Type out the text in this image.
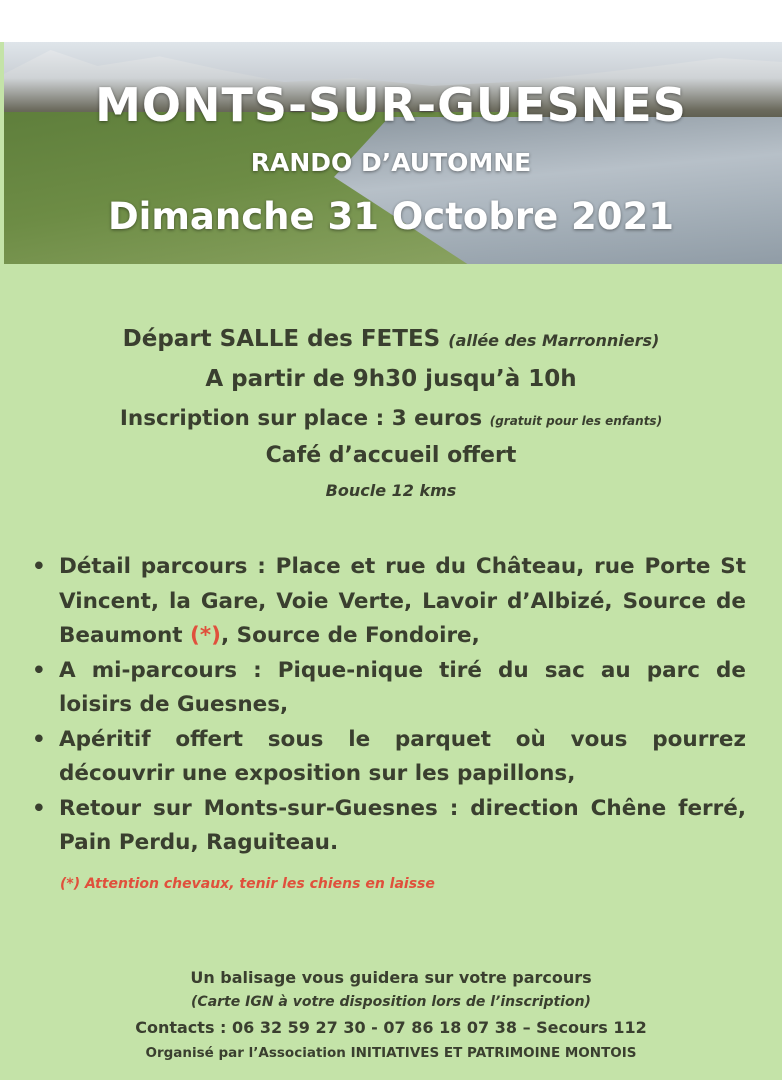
MONTS-SUR-GUESNES
RANDO D’AUTOMNE
Dimanche 31 Octobre 2021
Départ SALLE des FETES (allée des Marronniers)
A partir de 9h30 jusqu’à 10h
Inscription sur place : 3 euros (gratuit pour les enfants)
Café d’accueil offert
Boucle 12 kms
• Détail parcours : Place et rue du Château, rue Porte St Vincent, la Gare, Voie Verte, Lavoir d’Albizé, Source de Beaumont (*), Source de Fondoire,
• A mi-parcours : Pique-nique tiré du sac au parc de loisirs de Guesnes,
• Apéritif offert sous le parquet où vous pourrez découvrir une exposition sur les papillons,
• Retour sur Monts-sur-Guesnes : direction Chêne ferré, Pain Perdu, Raguiteau.
(*) Attention chevaux, tenir les chiens en laisse
Un balisage vous guidera sur votre parcours
(Carte IGN à votre disposition lors de l’inscription)
Contacts : 06 32 59 27 30 - 07 86 18 07 38 – Secours 112
Organisé par l’Association INITIATIVES ET PATRIMOINE MONTOIS
